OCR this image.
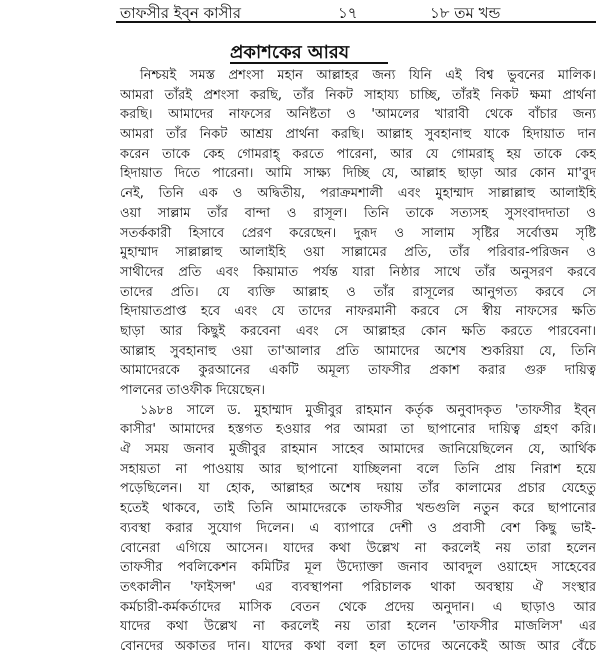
তাফসীর ইব্‌ন কাসীর	১৭	১৮ তম খন্ড
প্রকাশকের আরয
নিশ্চয়ই সমস্ত প্রশংসা মহান আল্লাহর জন্য যিনি এই বিশ্ব ভুবনের মালিক।
আমরা তাঁরই প্রশংসা করছি, তাঁর নিকট সাহায্য চাচ্ছি, তাঁরই নিকট ক্ষমা প্রার্থনা
করছি। আমাদের নাফসের অনিষ্টতা ও 'আমলের খারাবী থেকে বাঁচার জন্য
আমরা তাঁর নিকট আশ্রয় প্রার্থনা করছি। আল্লাহ সুবহানাহু যাকে হিদায়াত দান
করেন তাকে কেহ গোমরাহ্ করতে পারেনা, আর যে গোমরাহ্ হয় তাকে কেহ
হিদায়াত দিতে পারেনা। আমি সাক্ষ্য দিচ্ছি যে, আল্লাহ ছাড়া আর কোন মা'বুদ
নেই, তিনি এক ও অদ্বিতীয়, পরাক্রমশালী এবং মুহাম্মাদ সাল্লাল্লাহু আলাইহি
ওয়া সাল্লাম তাঁর বান্দা ও রাসূল। তিনি তাকে সত্যসহ সুসংবাদদাতা ও
সতর্ককারী হিসাবে প্রেরণ করেছেন। দুরূদ ও সালাম সৃষ্টির সর্বোত্তম সৃষ্টি
মুহাম্মাদ সাল্লাল্লাহু আলাইহি ওয়া সাল্লামের প্রতি, তাঁর পরিবার-পরিজন ও
সাথীদের প্রতি এবং কিয়ামাত পর্যন্ত যারা নিষ্ঠার সাথে তাঁর অনুসরণ করবে
তাদের প্রতি। যে ব্যক্তি আল্লাহ ও তাঁর রাসূলের আনুগত্য করবে সে
হিদায়াতপ্রাপ্ত হবে এবং যে তাদের নাফরমানী করবে সে স্বীয় নাফসের ক্ষতি
ছাড়া আর কিছুই করবেনা এবং সে আল্লাহর কোন ক্ষতি করতে পারবেনা।
আল্লাহ সুবহানাহু ওয়া তা'আলার প্রতি আমাদের অশেষ শুকরিয়া যে, তিনি
আমাদেরকে কুরআনের একটি অমূল্য তাফসীর প্রকাশ করার গুরু দায়িত্ব
পালনের তাওফীক দিয়েছেন।
১৯৮৪ সালে ড. মুহাম্মাদ মুজীবুর রাহমান কর্তৃক অনুবাদকৃত 'তাফসীর ইব্‌ন
কাসীর' আমাদের হস্তগত হওয়ার পর আমরা তা ছাপানোর দায়িত্ব গ্রহণ করি।
ঐ সময় জনাব মুজীবুর রাহমান সাহেব আমাদের জানিয়েছিলেন যে, আর্থিক
সহায়তা না পাওয়ায় আর ছাপানো যাচ্ছিলনা বলে তিনি প্রায় নিরাশ হয়ে
পড়েছিলেন। যা হোক, আল্লাহর অশেষ দয়ায় তাঁর কালামের প্রচার যেহেতু
হতেই থাকবে, তাই তিনি আমাদেরকে তাফসীর খন্ডগুলি নতুন করে ছাপানোর
ব্যবস্থা করার সুযোগ দিলেন। এ ব্যাপারে দেশী ও প্রবাসী বেশ কিছু ভাই-
বোনেরা এগিয়ে আসেন। যাদের কথা উল্লেখ না করলেই নয় তারা হলেন
তাফসীর পবলিকেশন কমিটির মূল উদ্যোক্তা জনাব আবদুল ওয়াহেদ সাহেবের
তৎকালীন 'ফাইসন্স' এর ব্যবস্থাপনা পরিচালক থাকা অবস্থায় ঐ সংস্থার
কর্মচারী-কর্মকর্তাদের মাসিক বেতন থেকে প্রদেয় অনুদান। এ ছাড়াও আর
যাদের কথা উল্লেখ না করলেই নয় তারা হলেন 'তাফসীর মাজলিস' এর
বোনদের অকাতর দান। যাদের কথা বলা হল তাদের অনেকেই আজ আর বেঁচে
